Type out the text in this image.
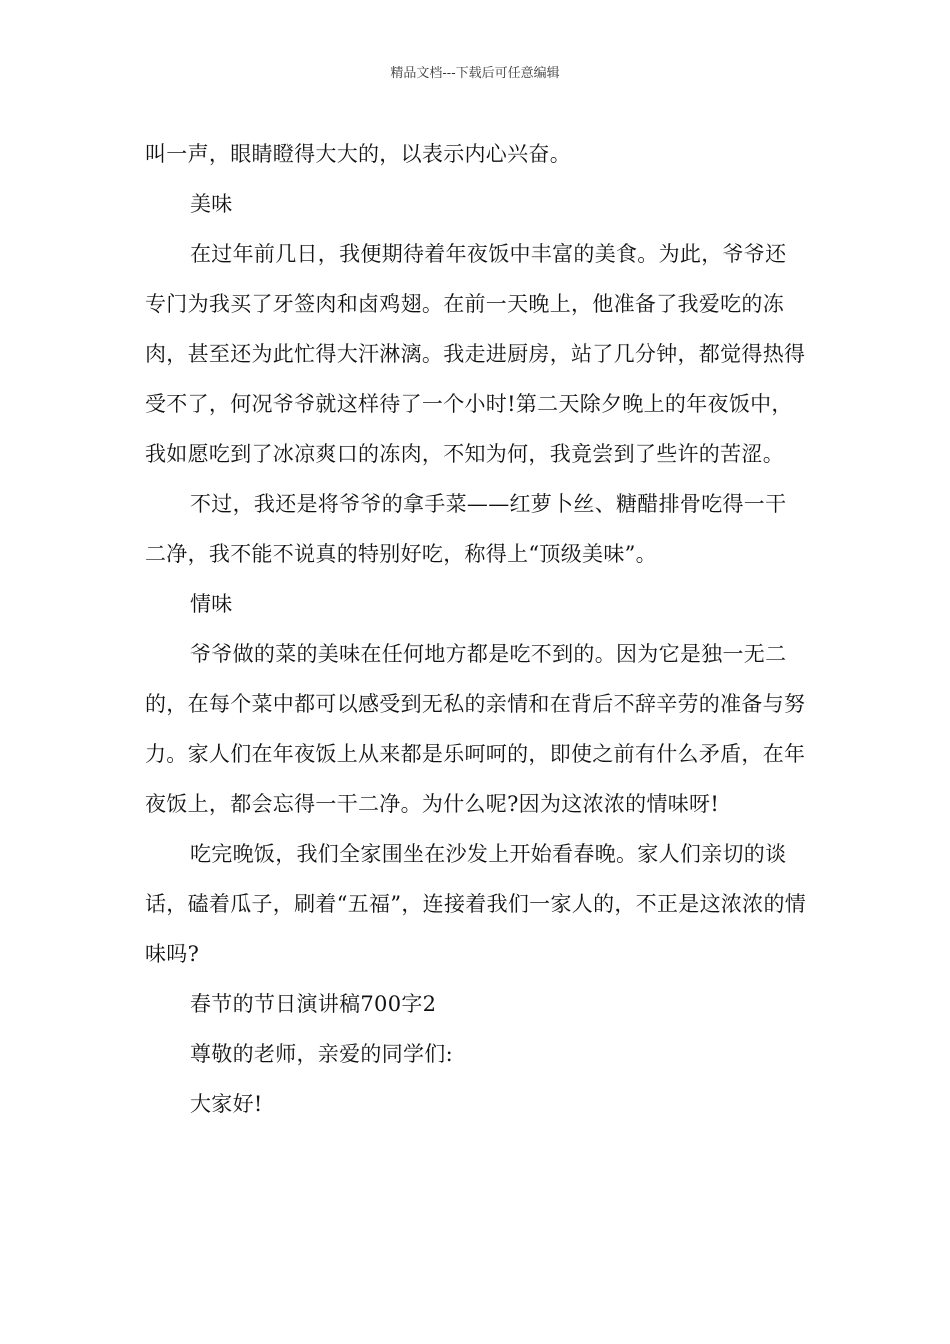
精品文档---下载后可任意编辑

叫一声，眼睛瞪得大大的，以表示内心兴奋。

美味

在过年前几日，我便期待着年夜饭中丰富的美食。为此，爷爷还专门为我买了牙签肉和卤鸡翅。在前一天晚上，他准备了我爱吃的冻肉，甚至还为此忙得大汗淋漓。我走进厨房，站了几分钟，都觉得热得受不了，何况爷爷就这样待了一个小时!第二天除夕晚上的年夜饭中，我如愿吃到了冰凉爽口的冻肉，不知为何，我竟尝到了些许的苦涩。

不过，我还是将爷爷的拿手菜——红萝卜丝、糖醋排骨吃得一干二净，我不能不说真的特别好吃，称得上“顶级美味”。

情味

爷爷做的菜的美味在任何地方都是吃不到的。因为它是独一无二的，在每个菜中都可以感受到无私的亲情和在背后不辞辛劳的准备与努力。家人们在年夜饭上从来都是乐呵呵的，即使之前有什么矛盾，在年夜饭上，都会忘得一干二净。为什么呢?因为这浓浓的情味呀!

吃完晚饭，我们全家围坐在沙发上开始看春晚。家人们亲切的谈话，磕着瓜子，刷着“五福”，连接着我们一家人的，不正是这浓浓的情味吗?

春节的节日演讲稿700字2

尊敬的老师，亲爱的同学们:

大家好!
